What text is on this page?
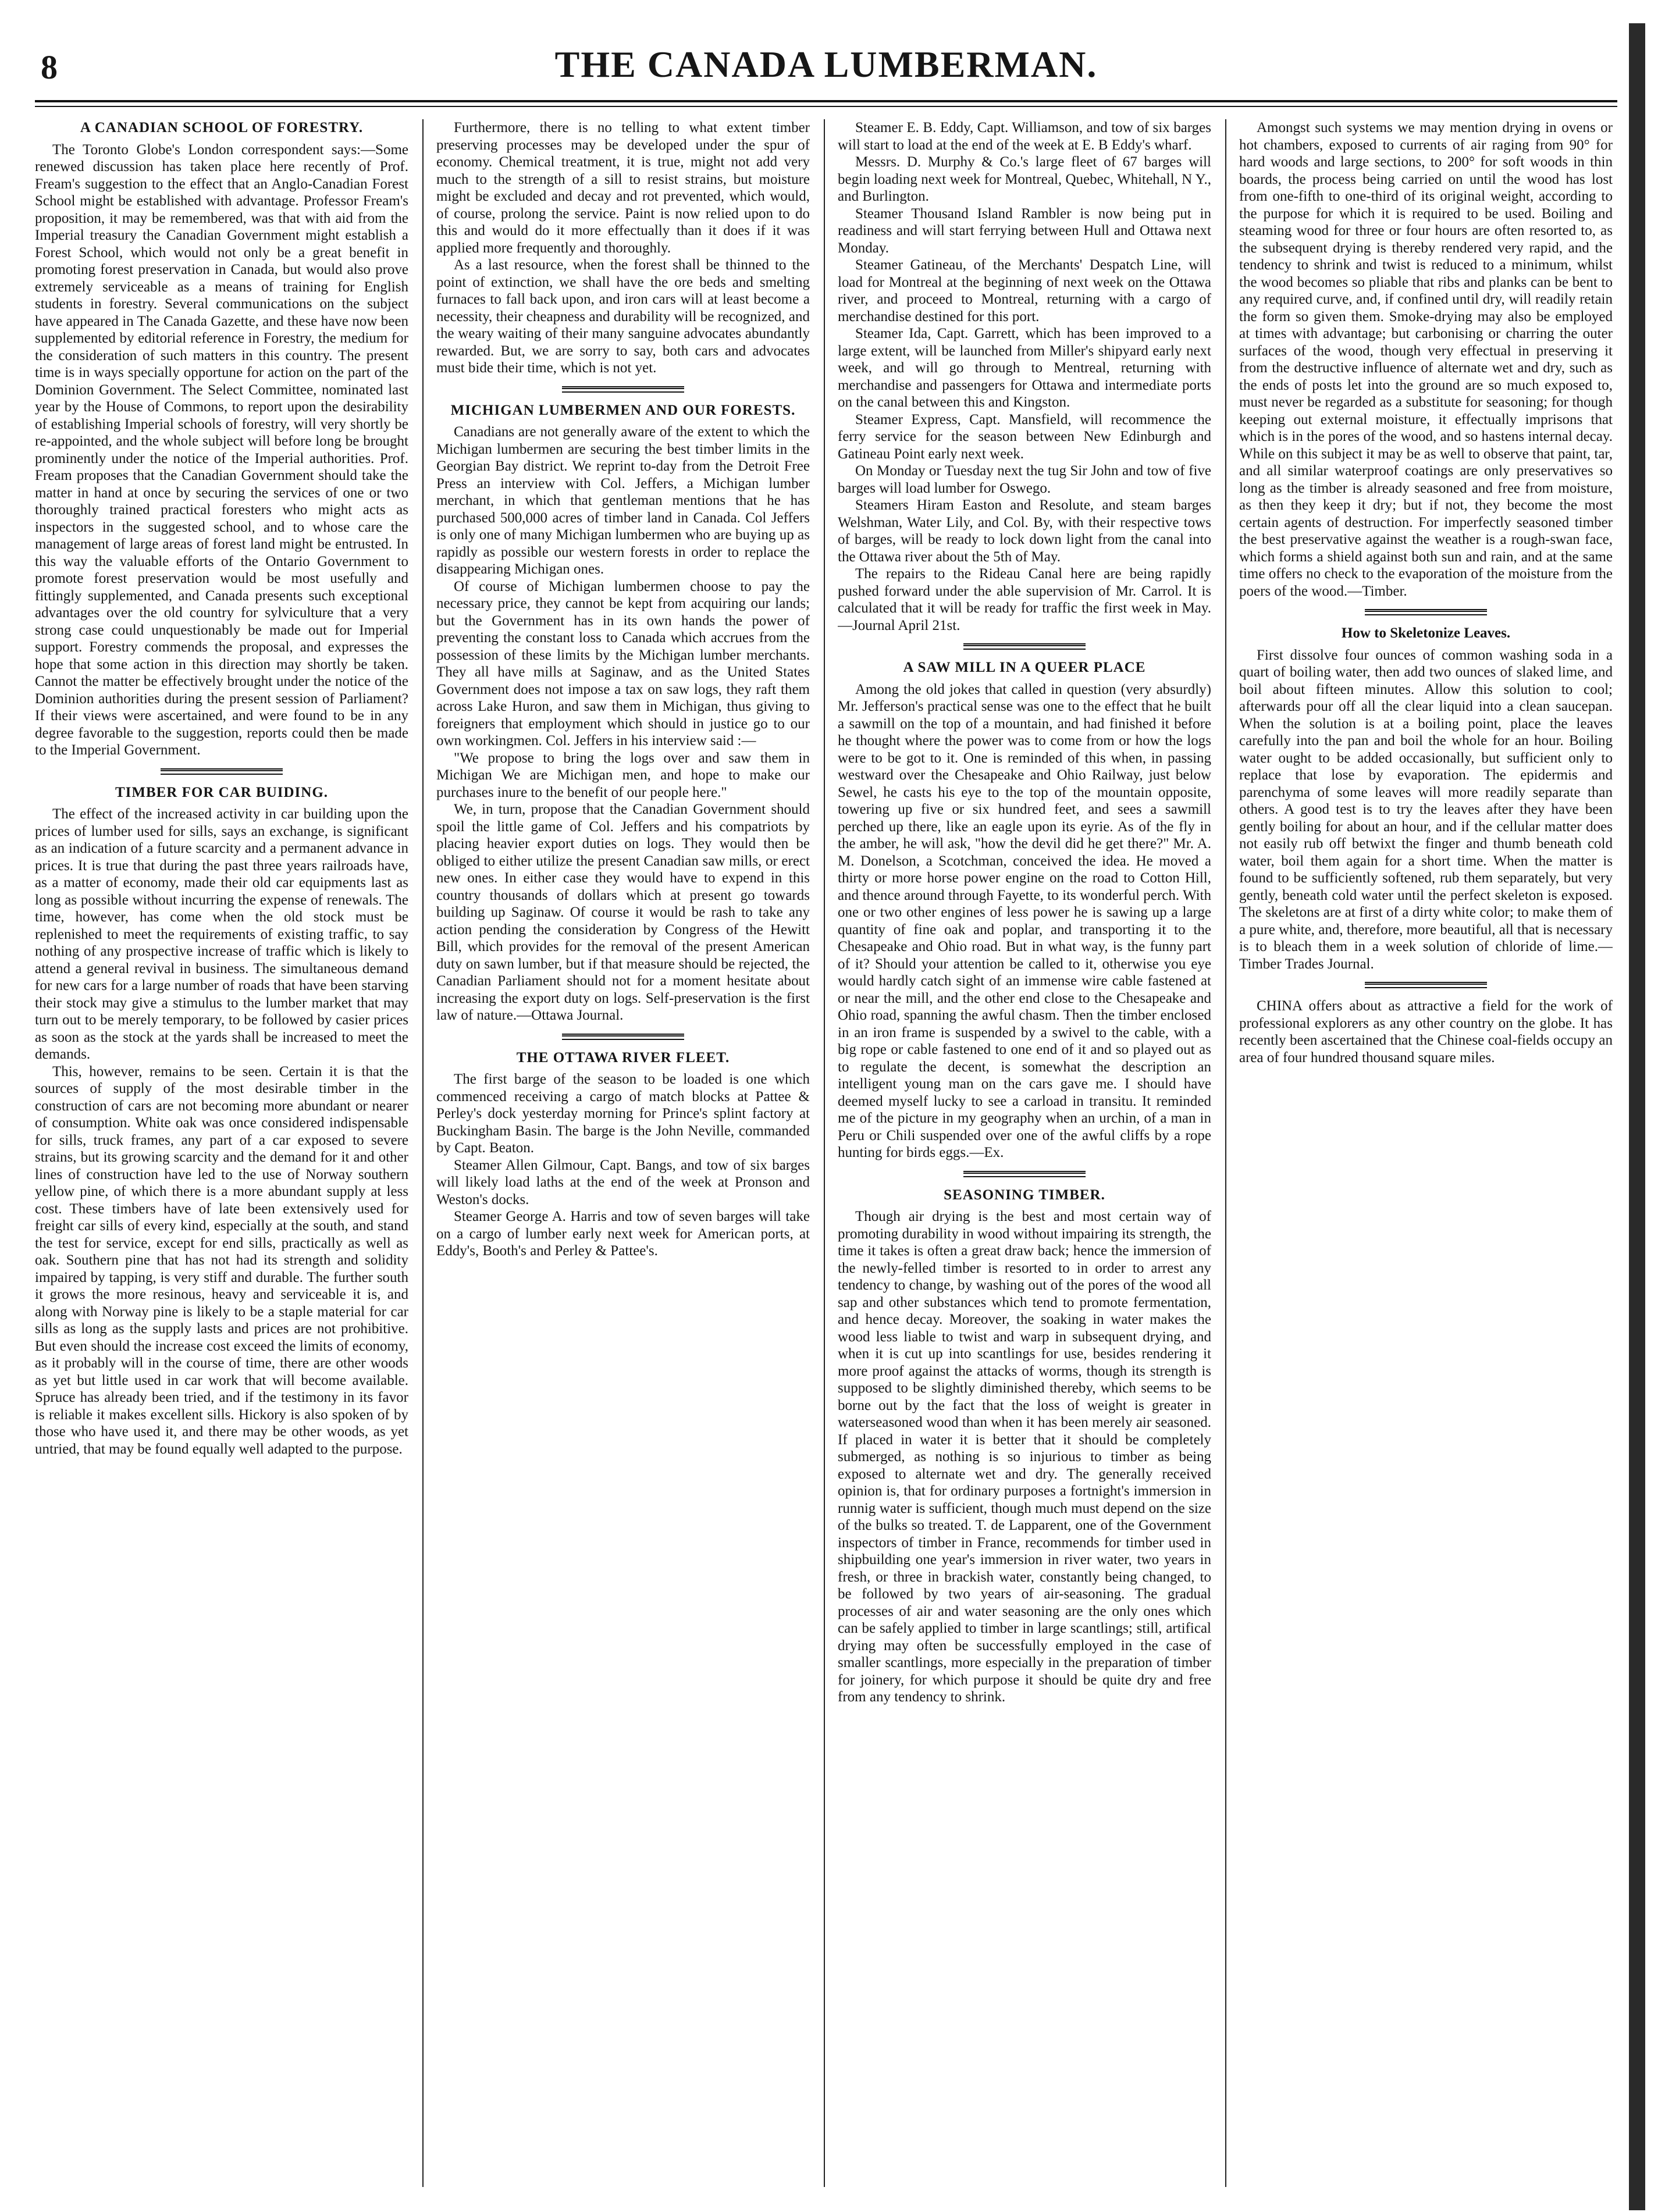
8	THE CANADA LUMBERMAN.
A CANADIAN SCHOOL OF FORESTRY.

The Toronto Globe's London correspondent says:—Some renewed discussion has taken place here recently of Prof. Fream's suggestion to the effect that an Anglo-Canadian Forest School might be established with advantage. Professor Fream's proposition, it may be remembered, was that with aid from the Imperial treasury the Canadian Government might establish a Forest School, which would not only be a great benefit in promoting forest preservation in Canada, but would also prove extremely serviceable as a means of training for English students in forestry. Several communications on the subject have appeared in The Canada Gazette, and these have now been supplemented by editorial reference in Forestry, the medium for the consideration of such matters in this country. The present time is in ways specially opportune for action on the part of the Dominion Government. The Select Committee, nominated last year by the House of Commons, to report upon the desirability of establishing Imperial schools of forestry, will very shortly be re-appointed, and the whole subject will before long be brought prominently under the notice of the Imperial authorities. Prof. Fream proposes that the Canadian Government should take the matter in hand at once by securing the services of one or two thoroughly trained practical foresters who might acts as inspectors in the suggested school, and to whose care the management of large areas of forest land might be entrusted. In this way the valuable efforts of the Ontario Government to promote forest preservation would be most usefully and fittingly supplemented, and Canada presents such exceptional advantages over the old country for sylviculture that a very strong case could unquestionably be made out for Imperial support. Forestry commends the proposal, and expresses the hope that some action in this direction may shortly be taken. Cannot the matter be effectively brought under the notice of the Dominion authorities during the present session of Parliament? If their views were ascertained, and were found to be in any degree favorable to the suggestion, reports could then be made to the Imperial Government.

TIMBER FOR CAR BUIDING.

The effect of the increased activity in car building upon the prices of lumber used for sills, says an exchange, is significant as an indication of a future scarcity and a permanent advance in prices. It is true that during the past three years railroads have, as a matter of economy, made their old car equipments last as long as possible without incurring the expense of renewals. The time, however, has come when the old stock must be replenished to meet the requirements of existing traffic, to say nothing of any prospective increase of traffic which is likely to attend a general revival in business. The simultaneous demand for new cars for a large number of roads that have been starving their stock may give a stimulus to the lumber market that may turn out to be merely temporary, to be followed by casier prices as soon as the stock at the yards shall be increased to meet the demands.

This, however, remains to be seen. Certain it is that the sources of supply of the most desirable timber in the construction of cars are not becoming more abundant or nearer of consumption. White oak was once considered indispensable for sills, truck frames, any part of a car exposed to severe strains, but its growing scarcity and the demand for it and other lines of construction have led to the use of Norway southern yellow pine, of which there is a more abundant supply at less cost. These timbers have of late been extensively used for freight car sills of every kind, especially at the south, and stand the test for service, except for end sills, practically as well as oak. Southern pine that has not had its strength and solidity impaired by tapping, is very stiff and durable. The further south it grows the more resinous, heavy and serviceable it is, and along with Norway pine is likely to be a staple material for car sills as long as the supply lasts and prices are not prohibitive. But even should the increase cost exceed the limits of economy, as it probably will in the course of time, there are other woods as yet but little used in car work that will become available. Spruce has already been tried, and if the testimony in its favor is reliable it makes excellent sills. Hickory is also spoken of by those who have used it, and there may be other woods, as yet untried, that may be found equally well adapted to the purpose.

Furthermore, there is no telling to what extent timber preserving processes may be developed under the spur of economy. Chemical treatment, it is true, might not add very much to the strength of a sill to resist strains, but moisture might be excluded and decay and rot prevented, which would, of course, prolong the service. Paint is now relied upon to do this and would do it more effectually than it does if it was applied more frequently and thoroughly.

As a last resource, when the forest shall be thinned to the point of extinction, we shall have the ore beds and smelting furnaces to fall back upon, and iron cars will at least become a necessity, their cheapness and durability will be recognized, and the weary waiting of their many sanguine advocates abundantly rewarded. But, we are sorry to say, both cars and advocates must bide their time, which is not yet.

MICHIGAN LUMBERMEN AND OUR FORESTS.

Canadians are not generally aware of the extent to which the Michigan lumbermen are securing the best timber limits in the Georgian Bay district. We reprint to-day from the Detroit Free Press an interview with Col. Jeffers, a Michigan lumber merchant, in which that gentleman mentions that he has purchased 500,000 acres of timber land in Canada. Col Jeffers is only one of many Michigan lumbermen who are buying up as rapidly as possible our western forests in order to replace the disappearing Michigan ones.

Of course of Michigan lumbermen choose to pay the necessary price, they cannot be kept from acquiring our lands; but the Government has in its own hands the power of preventing the constant loss to Canada which accrues from the possession of these limits by the Michigan lumber merchants. They all have mills at Saginaw, and as the United States Government does not impose a tax on saw logs, they raft them across Lake Huron, and saw them in Michigan, thus giving to foreigners that employment which should in justice go to our own workingmen. Col. Jeffers in his interview said :—

"We propose to bring the logs over and saw them in Michigan We are Michigan men, and hope to make our purchases inure to the benefit of our people here."

We, in turn, propose that the Canadian Government should spoil the little game of Col. Jeffers and his compatriots by placing heavier export duties on logs. They would then be obliged to either utilize the present Canadian saw mills, or erect new ones. In either case they would have to expend in this country thousands of dollars which at present go towards building up Saginaw. Of course it would be rash to take any action pending the consideration by Congress of the Hewitt Bill, which provides for the removal of the present American duty on sawn lumber, but if that measure should be rejected, the Canadian Parliament should not for a moment hesitate about increasing the export duty on logs. Self-preservation is the first law of nature.—Ottawa Journal.

THE OTTAWA RIVER FLEET.

The first barge of the season to be loaded is one which commenced receiving a cargo of match blocks at Pattee & Perley's dock yesterday morning for Prince's splint factory at Buckingham Basin. The barge is the John Neville, commanded by Capt. Beaton.

Steamer Allen Gilmour, Capt. Bangs, and tow of six barges will likely load laths at the end of the week at Pronson and Weston's docks.

Steamer George A. Harris and tow of seven barges will take on a cargo of lumber early next week for American ports, at Eddy's, Booth's and Perley & Pattee's.

Steamer E. B. Eddy, Capt. Williamson, and tow of six barges will start to load at the end of the week at E. B Eddy's wharf.

Messrs. D. Murphy & Co.'s large fleet of 67 barges will begin loading next week for Montreal, Quebec, Whitehall, N Y., and Burlington.

Steamer Thousand Island Rambler is now being put in readiness and will start ferrying between Hull and Ottawa next Monday.

Steamer Gatineau, of the Merchants' Despatch Line, will load for Montreal at the beginning of next week on the Ottawa river, and proceed to Montreal, returning with a cargo of merchandise destined for this port.

Steamer Ida, Capt. Garrett, which has been improved to a large extent, will be launched from Miller's shipyard early next week, and will go through to Mentreal, returning with merchandise and passengers for Ottawa and intermediate ports on the canal between this and Kingston.

Steamer Express, Capt. Mansfield, will recommence the ferry service for the season between New Edinburgh and Gatineau Point early next week.

On Monday or Tuesday next the tug Sir John and tow of five barges will load lumber for Oswego.

Steamers Hiram Easton and Resolute, and steam barges Welshman, Water Lily, and Col. By, with their respective tows of barges, will be ready to lock down light from the canal into the Ottawa river about the 5th of May.

The repairs to the Rideau Canal here are being rapidly pushed forward under the able supervision of Mr. Carrol. It is calculated that it will be ready for traffic the first week in May.—Journal April 21st.

A SAW MILL IN A QUEER PLACE

Among the old jokes that called in question (very absurdly) Mr. Jefferson's practical sense was one to the effect that he built a sawmill on the top of a mountain, and had finished it before he thought where the power was to come from or how the logs were to be got to it. One is reminded of this when, in passing westward over the Chesapeake and Ohio Railway, just below Sewel, he casts his eye to the top of the mountain opposite, towering up five or six hundred feet, and sees a sawmill perched up there, like an eagle upon its eyrie. As of the fly in the amber, he will ask, "how the devil did he get there?" Mr. A. M. Donelson, a Scotchman, conceived the idea. He moved a thirty or more horse power engine on the road to Cotton Hill, and thence around through Fayette, to its wonderful perch. With one or two other engines of less power he is sawing up a large quantity of fine oak and poplar, and transporting it to the Chesapeake and Ohio road. But in what way, is the funny part of it? Should your attention be called to it, otherwise you eye would hardly catch sight of an immense wire cable fastened at or near the mill, and the other end close to the Chesapeake and Ohio road, spanning the awful chasm. Then the timber enclosed in an iron frame is suspended by a swivel to the cable, with a big rope or cable fastened to one end of it and so played out as to regulate the decent, is somewhat the description an intelligent young man on the cars gave me. I should have deemed myself lucky to see a carload in transitu. It reminded me of the picture in my geography when an urchin, of a man in Peru or Chili suspended over one of the awful cliffs by a rope hunting for birds eggs.—Ex.

SEASONING TIMBER.

Though air drying is the best and most certain way of promoting durability in wood without impairing its strength, the time it takes is often a great draw back; hence the immersion of the newly-felled timber is resorted to in order to arrest any tendency to change, by washing out of the pores of the wood all sap and other substances which tend to promote fermentation, and hence decay. Moreover, the soaking in water makes the wood less liable to twist and warp in subsequent drying, and when it is cut up into scantlings for use, besides rendering it more proof against the attacks of worms, though its strength is supposed to be slightly diminished thereby, which seems to be borne out by the fact that the loss of weight is greater in waterseasoned wood than when it has been merely air seasoned. If placed in water it is better that it should be completely submerged, as nothing is so injurious to timber as being exposed to alternate wet and dry. The generally received opinion is, that for ordinary purposes a fortnight's immersion in runnig water is sufficient, though much must depend on the size of the bulks so treated. T. de Lapparent, one of the Government inspectors of timber in France, recommends for timber used in shipbuilding one year's immersion in river water, two years in fresh, or three in brackish water, constantly being changed, to be followed by two years of air-seasoning. The gradual processes of air and water seasoning are the only ones which can be safely applied to timber in large scantlings; still, artifical drying may often be successfully employed in the case of smaller scantlings, more especially in the preparation of timber for joinery, for which purpose it should be quite dry and free from any tendency to shrink.

Amongst such systems we may mention drying in ovens or hot chambers, exposed to currents of air raging from 90° for hard woods and large sections, to 200° for soft woods in thin boards, the process being carried on until the wood has lost from one-fifth to one-third of its original weight, according to the purpose for which it is required to be used. Boiling and steaming wood for three or four hours are often resorted to, as the subsequent drying is thereby rendered very rapid, and the tendency to shrink and twist is reduced to a minimum, whilst the wood becomes so pliable that ribs and planks can be bent to any required curve, and, if confined until dry, will readily retain the form so given them. Smoke-drying may also be employed at times with advantage; but carbonising or charring the outer surfaces of the wood, though very effectual in preserving it from the destructive influence of alternate wet and dry, such as the ends of posts let into the ground are so much exposed to, must never be regarded as a substitute for seasoning; for though keeping out external moisture, it effectually imprisons that which is in the pores of the wood, and so hastens internal decay. While on this subject it may be as well to observe that paint, tar, and all similar waterproof coatings are only preservatives so long as the timber is already seasoned and free from moisture, as then they keep it dry; but if not, they become the most certain agents of destruction. For imperfectly seasoned timber the best preservative against the weather is a rough-swan face, which forms a shield against both sun and rain, and at the same time offers no check to the evaporation of the moisture from the poers of the wood.—Timber.

How to Skeletonize Leaves.

First dissolve four ounces of common washing soda in a quart of boiling water, then add two ounces of slaked lime, and boil about fifteen minutes. Allow this solution to cool; afterwards pour off all the clear liquid into a clean saucepan. When the solution is at a boiling point, place the leaves carefully into the pan and boil the whole for an hour. Boiling water ought to be added occasionally, but sufficient only to replace that lose by evaporation. The epidermis and parenchyma of some leaves will more readily separate than others. A good test is to try the leaves after they have been gently boiling for about an hour, and if the cellular matter does not easily rub off betwixt the finger and thumb beneath cold water, boil them again for a short time. When the matter is found to be sufficiently softened, rub them separately, but very gently, beneath cold water until the perfect skeleton is exposed. The skeletons are at first of a dirty white color; to make them of a pure white, and, therefore, more beautiful, all that is necessary is to bleach them in a week solution of chloride of lime.—Timber Trades Journal.

CHINA offers about as attractive a field for the work of professional explorers as any other country on the globe. It has recently been ascertained that the Chinese coal-fields occupy an area of four hundred thousand square miles.
